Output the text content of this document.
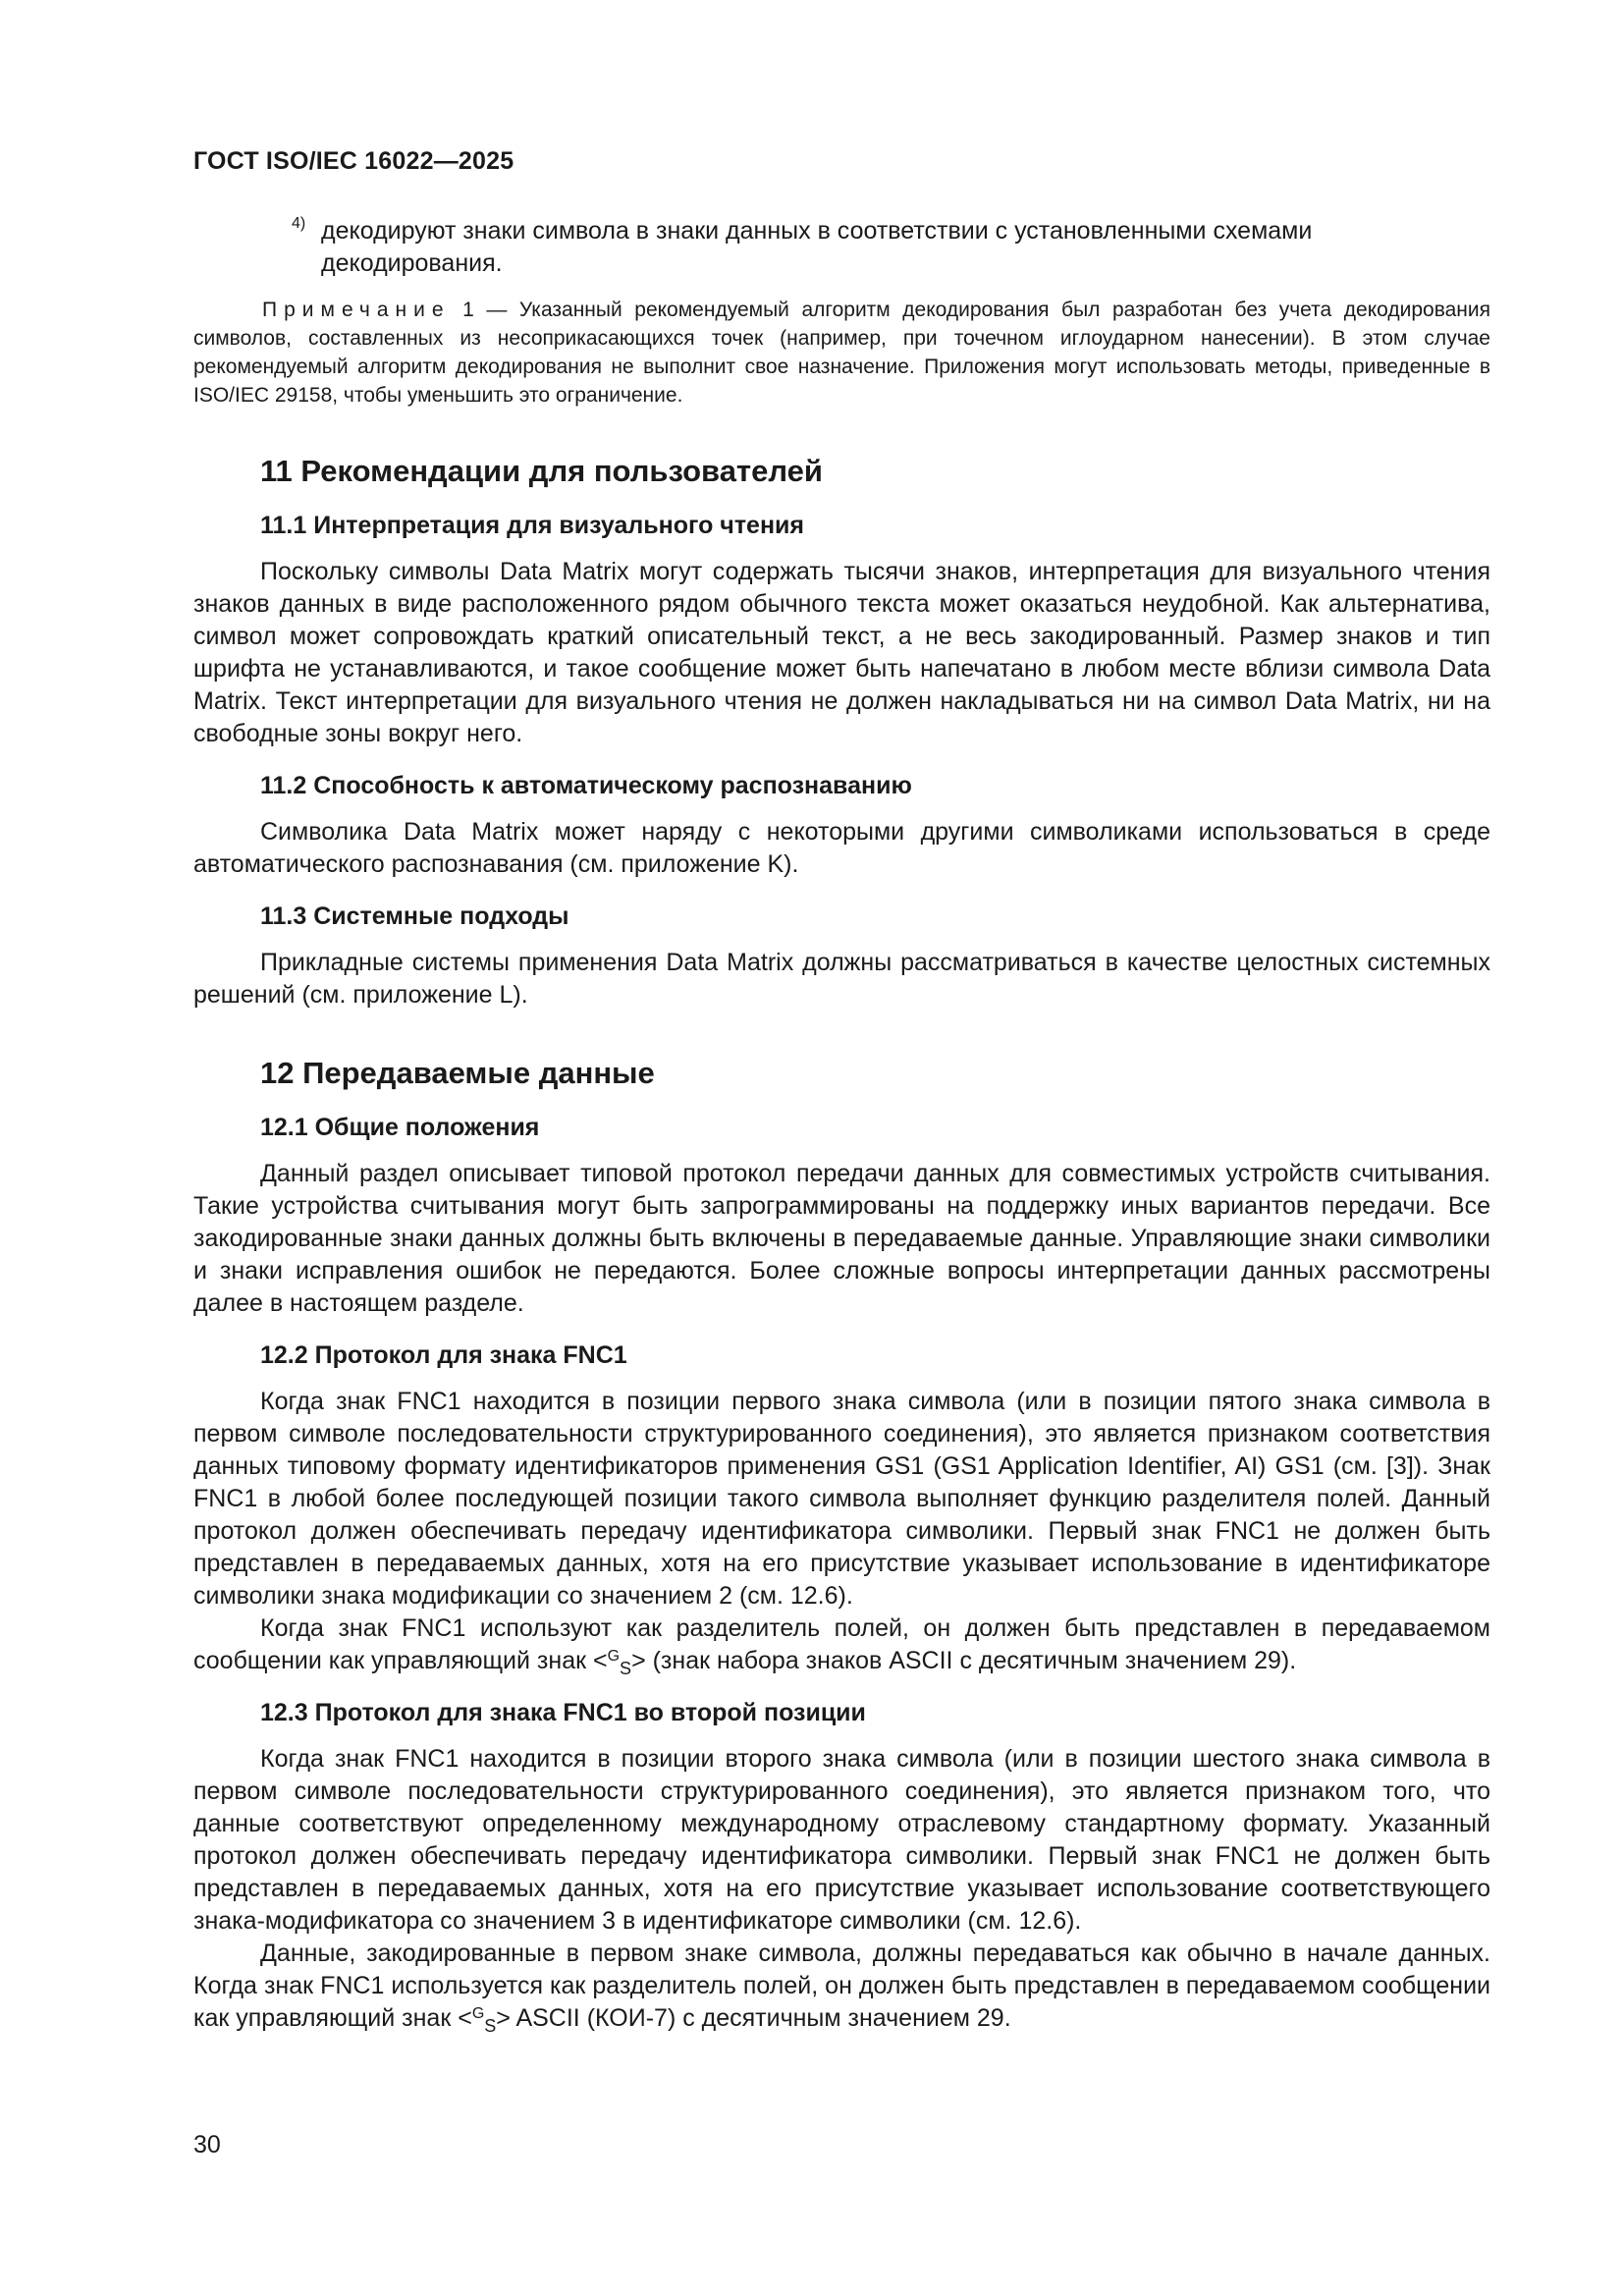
ГОСТ ISO/IEC 16022—2025
4) декодируют знаки символа в знаки данных в соответствии с установленными схемами декодирования.

Примечание 1 — Указанный рекомендуемый алгоритм декодирования был разработан без учета декодирования символов, составленных из несоприкасающихся точек (например, при точечном иглоударном нанесении). В этом случае рекомендуемый алгоритм декодирования не выполнит свое назначение. Приложения могут использовать методы, приведенные в ISO/IEC 29158, чтобы уменьшить это ограничение.

11 Рекомендации для пользователей
11.1 Интерпретация для визуального чтения

Поскольку символы Data Matrix могут содержать тысячи знаков, интерпретация для визуального чтения знаков данных в виде расположенного рядом обычного текста может оказаться неудобной. Как альтернатива, символ может сопровождать краткий описательный текст, а не весь закодированный. Размер знаков и тип шрифта не устанавливаются, и такое сообщение может быть напечатано в любом месте вблизи символа Data Matrix. Текст интерпретации для визуального чтения не должен накладываться ни на символ Data Matrix, ни на свободные зоны вокруг него.

11.2 Способность к автоматическому распознаванию

Символика Data Matrix может наряду с некоторыми другими символиками использоваться в среде автоматического распознавания (см. приложение K).

11.3 Системные подходы

Прикладные системы применения Data Matrix должны рассматриваться в качестве целостных системных решений (см. приложение L).

12 Передаваемые данные
12.1 Общие положения

Данный раздел описывает типовой протокол передачи данных для совместимых устройств считывания. Такие устройства считывания могут быть запрограммированы на поддержку иных вариантов передачи. Все закодированные знаки данных должны быть включены в передаваемые данные. Управляющие знаки символики и знаки исправления ошибок не передаются. Более сложные вопросы интерпретации данных рассмотрены далее в настоящем разделе.

12.2 Протокол для знака FNC1

Когда знак FNC1 находится в позиции первого знака символа (или в позиции пятого знака символа в первом символе последовательности структурированного соединения), это является признаком соответствия данных типовому формату идентификаторов применения GS1 (GS1 Application Identifier, AI) GS1 (см. [3]). Знак FNC1 в любой более последующей позиции такого символа выполняет функцию разделителя полей. Данный протокол должен обеспечивать передачу идентификатора символики. Первый знак FNC1 не должен быть представлен в передаваемых данных, хотя на его присутствие указывает использование в идентификаторе символики знака модификации со значением 2 (см. 12.6).

Когда знак FNC1 используют как разделитель полей, он должен быть представлен в передаваемом сообщении как управляющий знак <$^G_S$> (знак набора знаков ASCII с десятичным значением 29).

12.3 Протокол для знака FNC1 во второй позиции

Когда знак FNC1 находится в позиции второго знака символа (или в позиции шестого знака символа в первом символе последовательности структурированного соединения), это является признаком того, что данные соответствуют определенному международному отраслевому стандартному формату. Указанный протокол должен обеспечивать передачу идентификатора символики. Первый знак FNC1 не должен быть представлен в передаваемых данных, хотя на его присутствие указывает использование соответствующего знака-модификатора со значением 3 в идентификаторе символики (см. 12.6).

Данные, закодированные в первом знаке символа, должны передаваться как обычно в начале данных. Когда знак FNC1 используется как разделитель полей, он должен быть представлен в передаваемом сообщении как управляющий знак <$^G_S$> ASCII (КОИ-7) с десятичным значением 29.

30
